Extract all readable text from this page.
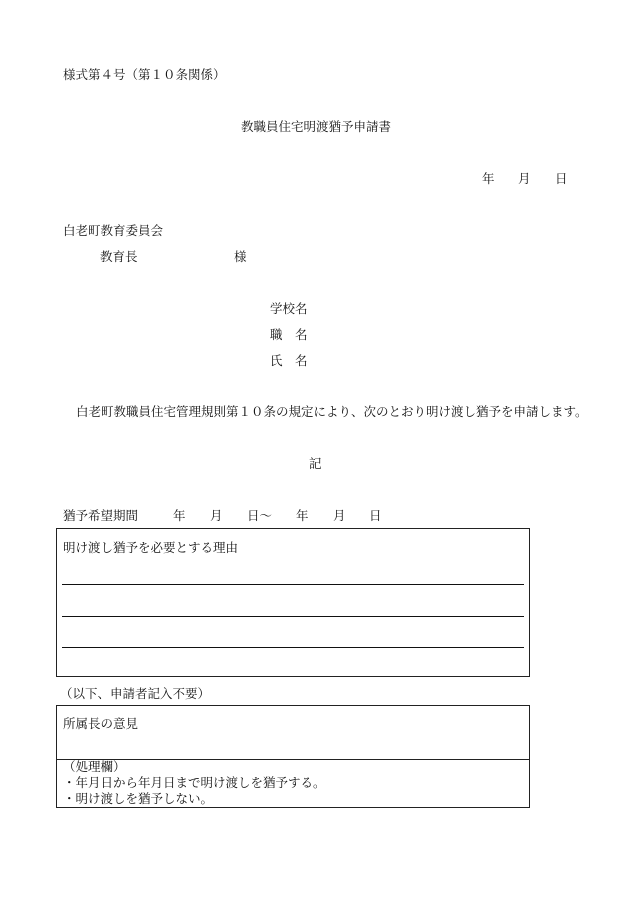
様式第４号（第１０条関係）
教職員住宅明渡猶予申請書
年 月 日
白老町教育委員会
教育長	様
学校名
職　名
氏　名
白老町教職員住宅管理規則第１０条の規定により、次のとおり明け渡し猶予を申請します。
記
猶予希望期間	年 月 日～ 年 月 日
明け渡し猶予を必要とする理由
（以下、申請者記入不要）
所属長の意見
（処理欄）
・年月日から年月日まで明け渡しを猶予する。
・明け渡しを猶予しない。
